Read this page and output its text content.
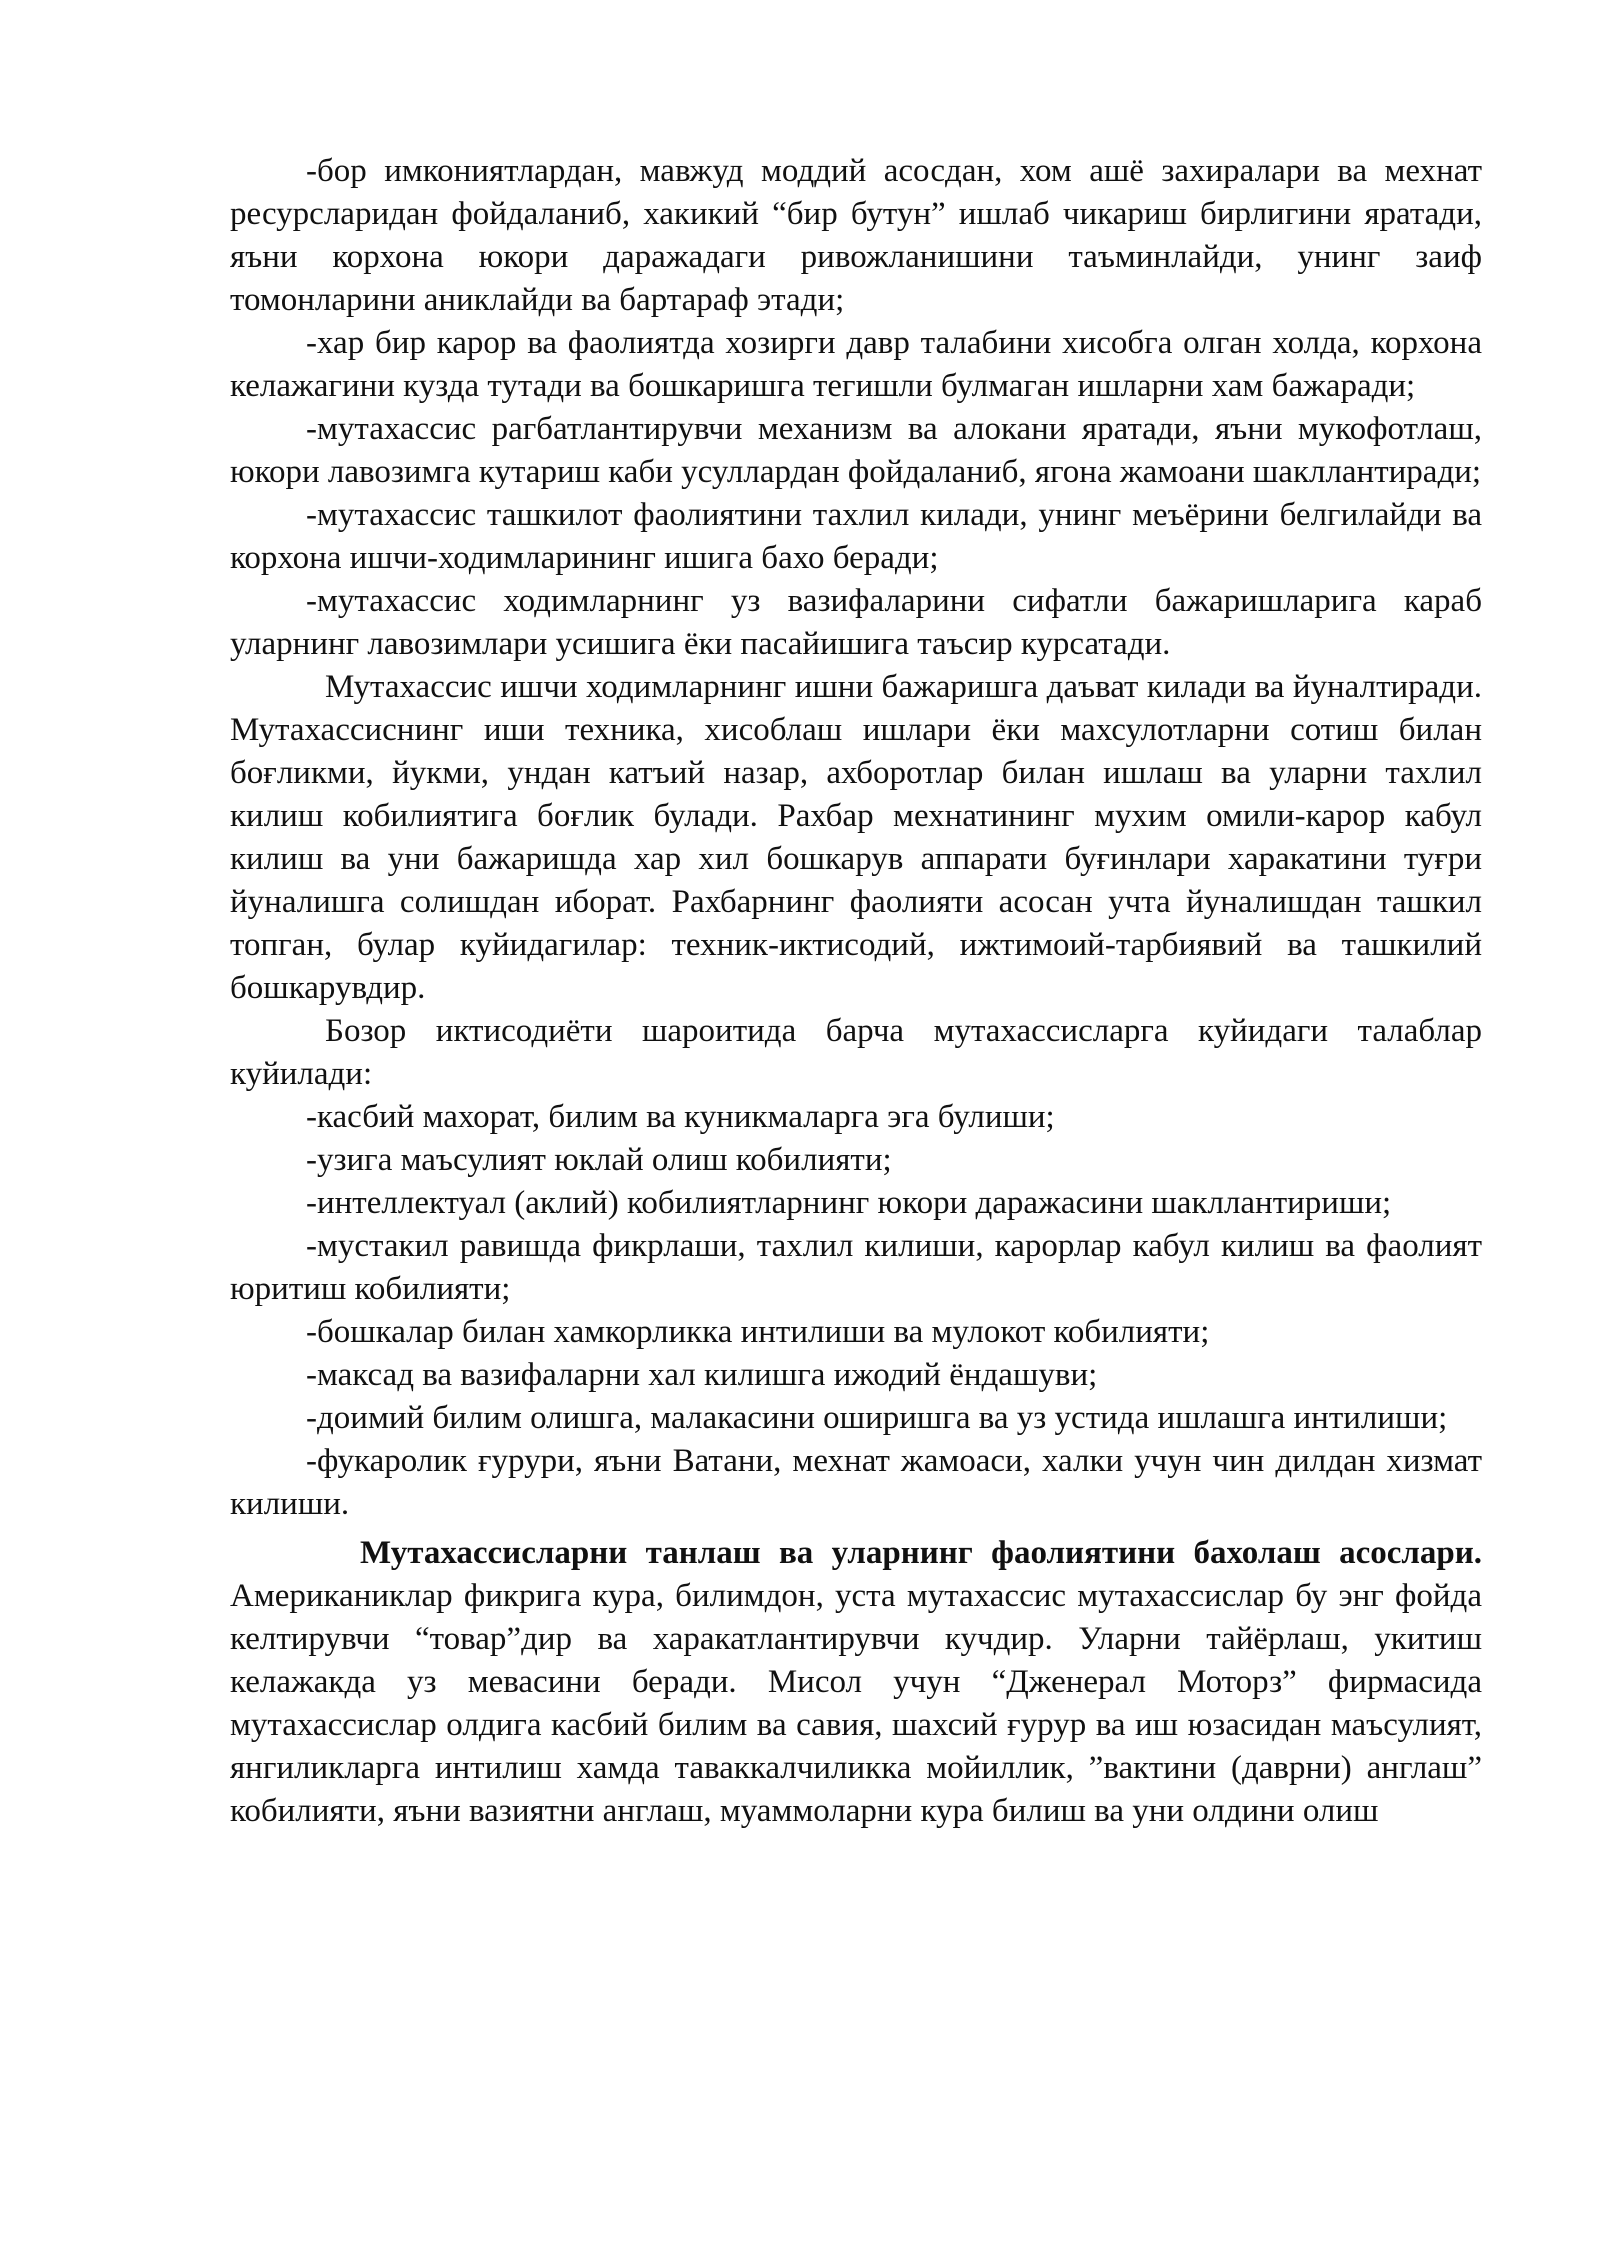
-бор имкониятлардан, мавжуд моддий асосдан, хом ашё захиралари ва мехнат ресурсларидан фойдаланиб, хакикий “бир бутун” ишлаб чикариш бирлигини яратади, яъни корхона юкори даражадаги ривожланишини таъминлайди, унинг заиф томонларини аниклайди ва бартараф этади;

-хар бир карор ва фаолиятда хозирги давр талабини хисобга олган холда, корхона келажагини кузда тутади ва бошкаришга тегишли булмаган ишларни хам бажаради;

-мутахассис рагбатлантирувчи механизм ва алокани яратади, яъни мукофотлаш, юкори лавозимга кутариш каби усуллардан фойдаланиб, ягона жамоани шакллантиради;

-мутахассис ташкилот фаолиятини тахлил килади, унинг меъёрини белгилайди ва корхона ишчи-ходимларининг ишига бахо беради;

-мутахассис ходимларнинг уз вазифаларини сифатли бажаришларига караб уларнинг лавозимлари усишига ёки пасайишига таъсир курсатади.

Мутахассис ишчи ходимларнинг ишни бажаришга даъват килади ва йуналтиради. Мутахассиснинг иши техника, хисоблаш ишлари ёки махсулотларни сотиш билан боғликми, йукми, ундан катъий назар, ахборотлар билан ишлаш ва уларни тахлил килиш кобилиятига боғлик булади. Рахбар мехнатининг мухим омили-карор кабул килиш ва уни бажаришда хар хил бошкарув аппарати буғинлари харакатини туғри йуналишга солишдан иборат. Рахбарнинг фаолияти асосан учта йуналишдан ташкил топган, булар куйидагилар: техник-иктисодий, ижтимоий-тарбиявий ва ташкилий бошкарувдир.

Бозор иктисодиёти шароитида барча мутахассисларга куйидаги талаблар куйилади:

-касбий махорат, билим ва куникмаларга эга булиши;

-узига маъсулият юклай олиш кобилияти;

-интеллектуал (аклий) кобилиятларнинг юкори даражасини шакллантириши;

-мустакил равишда фикрлаши, тахлил килиши, карорлар кабул килиш ва фаолият юритиш кобилияти;

-бошкалар билан хамкорликка интилиши ва мулокот кобилияти;

-максад ва вазифаларни хал килишга ижодий ёндашуви;

-доимий билим олишга, малакасини оширишга ва уз устида ишлашга интилиши;

-фукаролик ғурури, яъни Ватани, мехнат жамоаси, халки учун чин дилдан хизмат килиши.

Мутахассисларни танлаш ва уларнинг фаолиятини бахолаш асослари. Американиклар фикрига кура, билимдон, уста мутахассис мутахассислар бу энг фойда келтирувчи “товар”дир ва харакатлантирувчи кучдир. Уларни тайёрлаш, укитиш келажакда уз мевасини беради. Мисол учун “Дженерал Моторз” фирмасида мутахассислар олдига касбий билим ва савия, шахсий ғурур ва иш юзасидан маъсулият, янгиликларга интилиш хамда таваккалчиликка мойиллик, ”вактини (даврни) англаш” кобилияти, яъни вазиятни англаш, муаммоларни кура билиш ва уни олдини олиш
